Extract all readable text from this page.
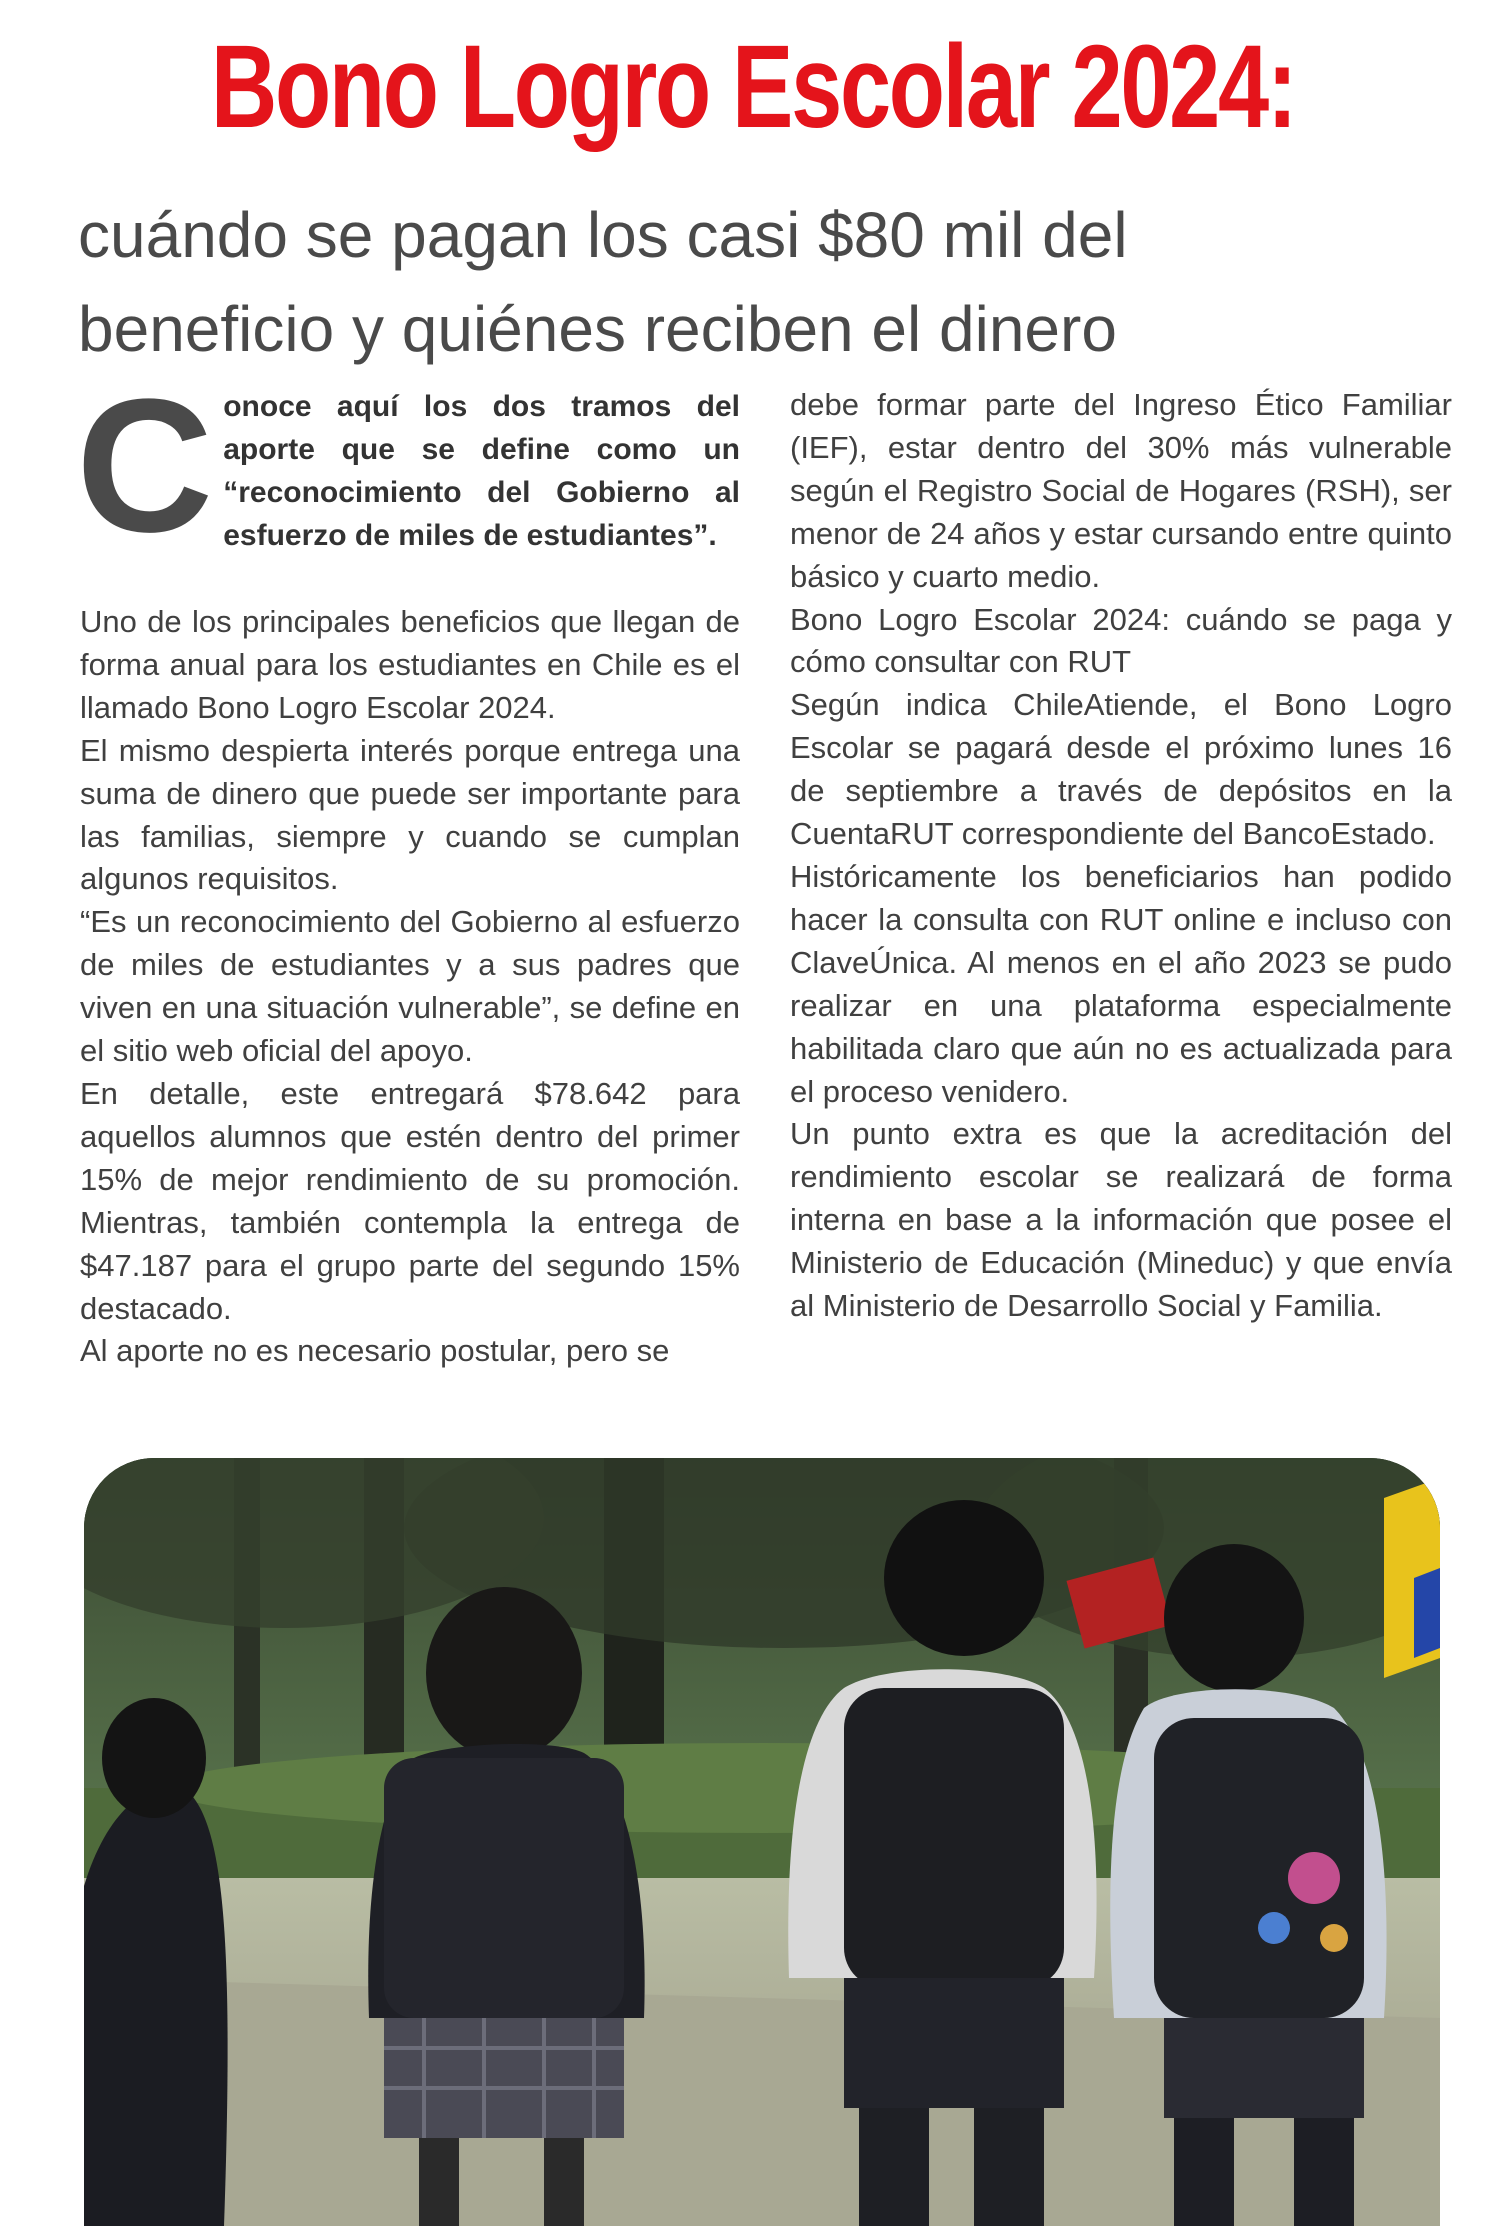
Bono Logro Escolar 2024:
cuándo se pagan los casi $80 mil del
beneficio y quiénes reciben el dinero

Conoce aquí los dos tramos del aporte que se define como un “reconocimiento del Gobierno al esfuerzo de miles de estudiantes”.

Uno de los principales beneficios que llegan de forma anual para los estudiantes en Chile es el llamado Bono Logro Escolar 2024.

El mismo despierta interés porque entrega una suma de dinero que puede ser importante para las familias, siempre y cuando se cumplan algunos requisitos.

“Es un reconocimiento del Gobierno al esfuerzo de miles de estudiantes y a sus padres que viven en una situación vulnerable”, se define en el sitio web oficial del apoyo.

En detalle, este entregará $78.642 para aquellos alumnos que estén dentro del primer 15% de mejor rendimiento de su promoción. Mientras, también contempla la entrega de $47.187 para el grupo parte del segundo 15% destacado.

Al aporte no es necesario postular, pero se

debe formar parte del Ingreso Ético Familiar (IEF), estar dentro del 30% más vulnerable según el Registro Social de Hogares (RSH), ser menor de 24 años y estar cursando entre quinto básico y cuarto medio.

Bono Logro Escolar 2024: cuándo se paga y cómo consultar con RUT

Según indica ChileAtiende, el Bono Logro Escolar se pagará desde el próximo lunes 16 de septiembre a través de depósitos en la CuentaRUT correspondiente del BancoEstado.

Históricamente los beneficiarios han podido hacer la consulta con RUT online e incluso con ClaveÚnica. Al menos en el año 2023 se pudo realizar en una plataforma especialmente habilitada claro que aún no es actualizada para el proceso venidero.

Un punto extra es que la acreditación del rendimiento escolar se realizará de forma interna en base a la información que posee el Ministerio de Educación (Mineduc) y que envía al Ministerio de Desarrollo Social y Familia.
